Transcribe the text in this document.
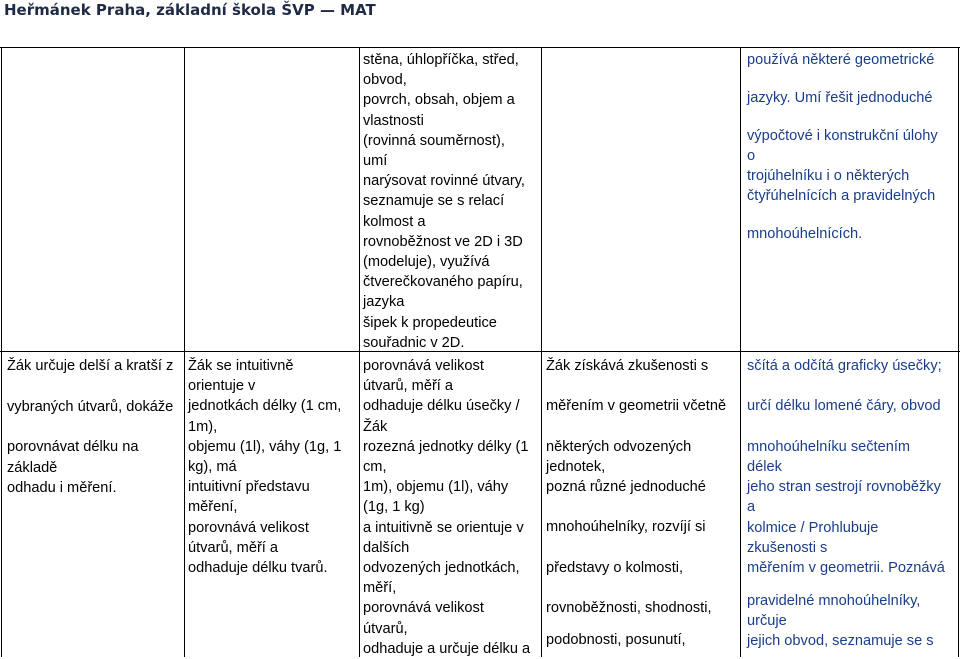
Heřmánek Praha, základní škola ŠVP — MAT
stěna, úhlopříčka, střed,
obvod,
povrch, obsah, objem a
vlastnosti
(rovinná souměrnost),
umí
narýsovat rovinné útvary,
seznamuje se s relací
kolmost a
rovnoběžnost ve 2D i 3D
(modeluje), využívá
čtverečkovaného papíru,
jazyka
šipek k propedeutice
souřadnic v 2D.
používá některé geometrické
jazyky. Umí řešit jednoduché
výpočtové i konstrukční úlohy
o
trojúhelníku i o některých
čtyřúhelnících a pravidelných
mnohoúhelnících.
Žák určuje delší a kratší z
vybraných útvarů, dokáže
porovnávat délku na
základě
odhadu i měření.
Žák se intuitivně
orientuje v
jednotkách délky (1 cm,
1m),
objemu (1l), váhy (1g, 1
kg), má
intuitivní představu
měření,
porovnává velikost
útvarů, měří a
odhaduje délku tvarů.
porovnává velikost
útvarů, měří a
odhaduje délku úsečky /
Žák
rozezná jednotky délky (1
cm,
1m), objemu (1l), váhy
(1g, 1 kg)
a intuitivně se orientuje v
dalších
odvozených jednotkách,
měří,
porovnává velikost
útvarů,
odhaduje a určuje délku a
Žák získává zkušenosti s
měřením v geometrii včetně
některých odvozených
jednotek,
pozná různé jednoduché
mnohoúhelníky, rozvíjí si
představy o kolmosti,
rovnoběžnosti, shodnosti,
podobnosti, posunutí,
sčítá a odčítá graficky úsečky;
určí délku lomené čáry, obvod
mnohoúhelníku sečtením
délek
jeho stran sestrojí rovnoběžky
a
kolmice / Prohlubuje
zkušenosti s
měřením v geometrii. Poznává
pravidelné mnohoúhelníky,
určuje
jejich obvod, seznamuje se s
